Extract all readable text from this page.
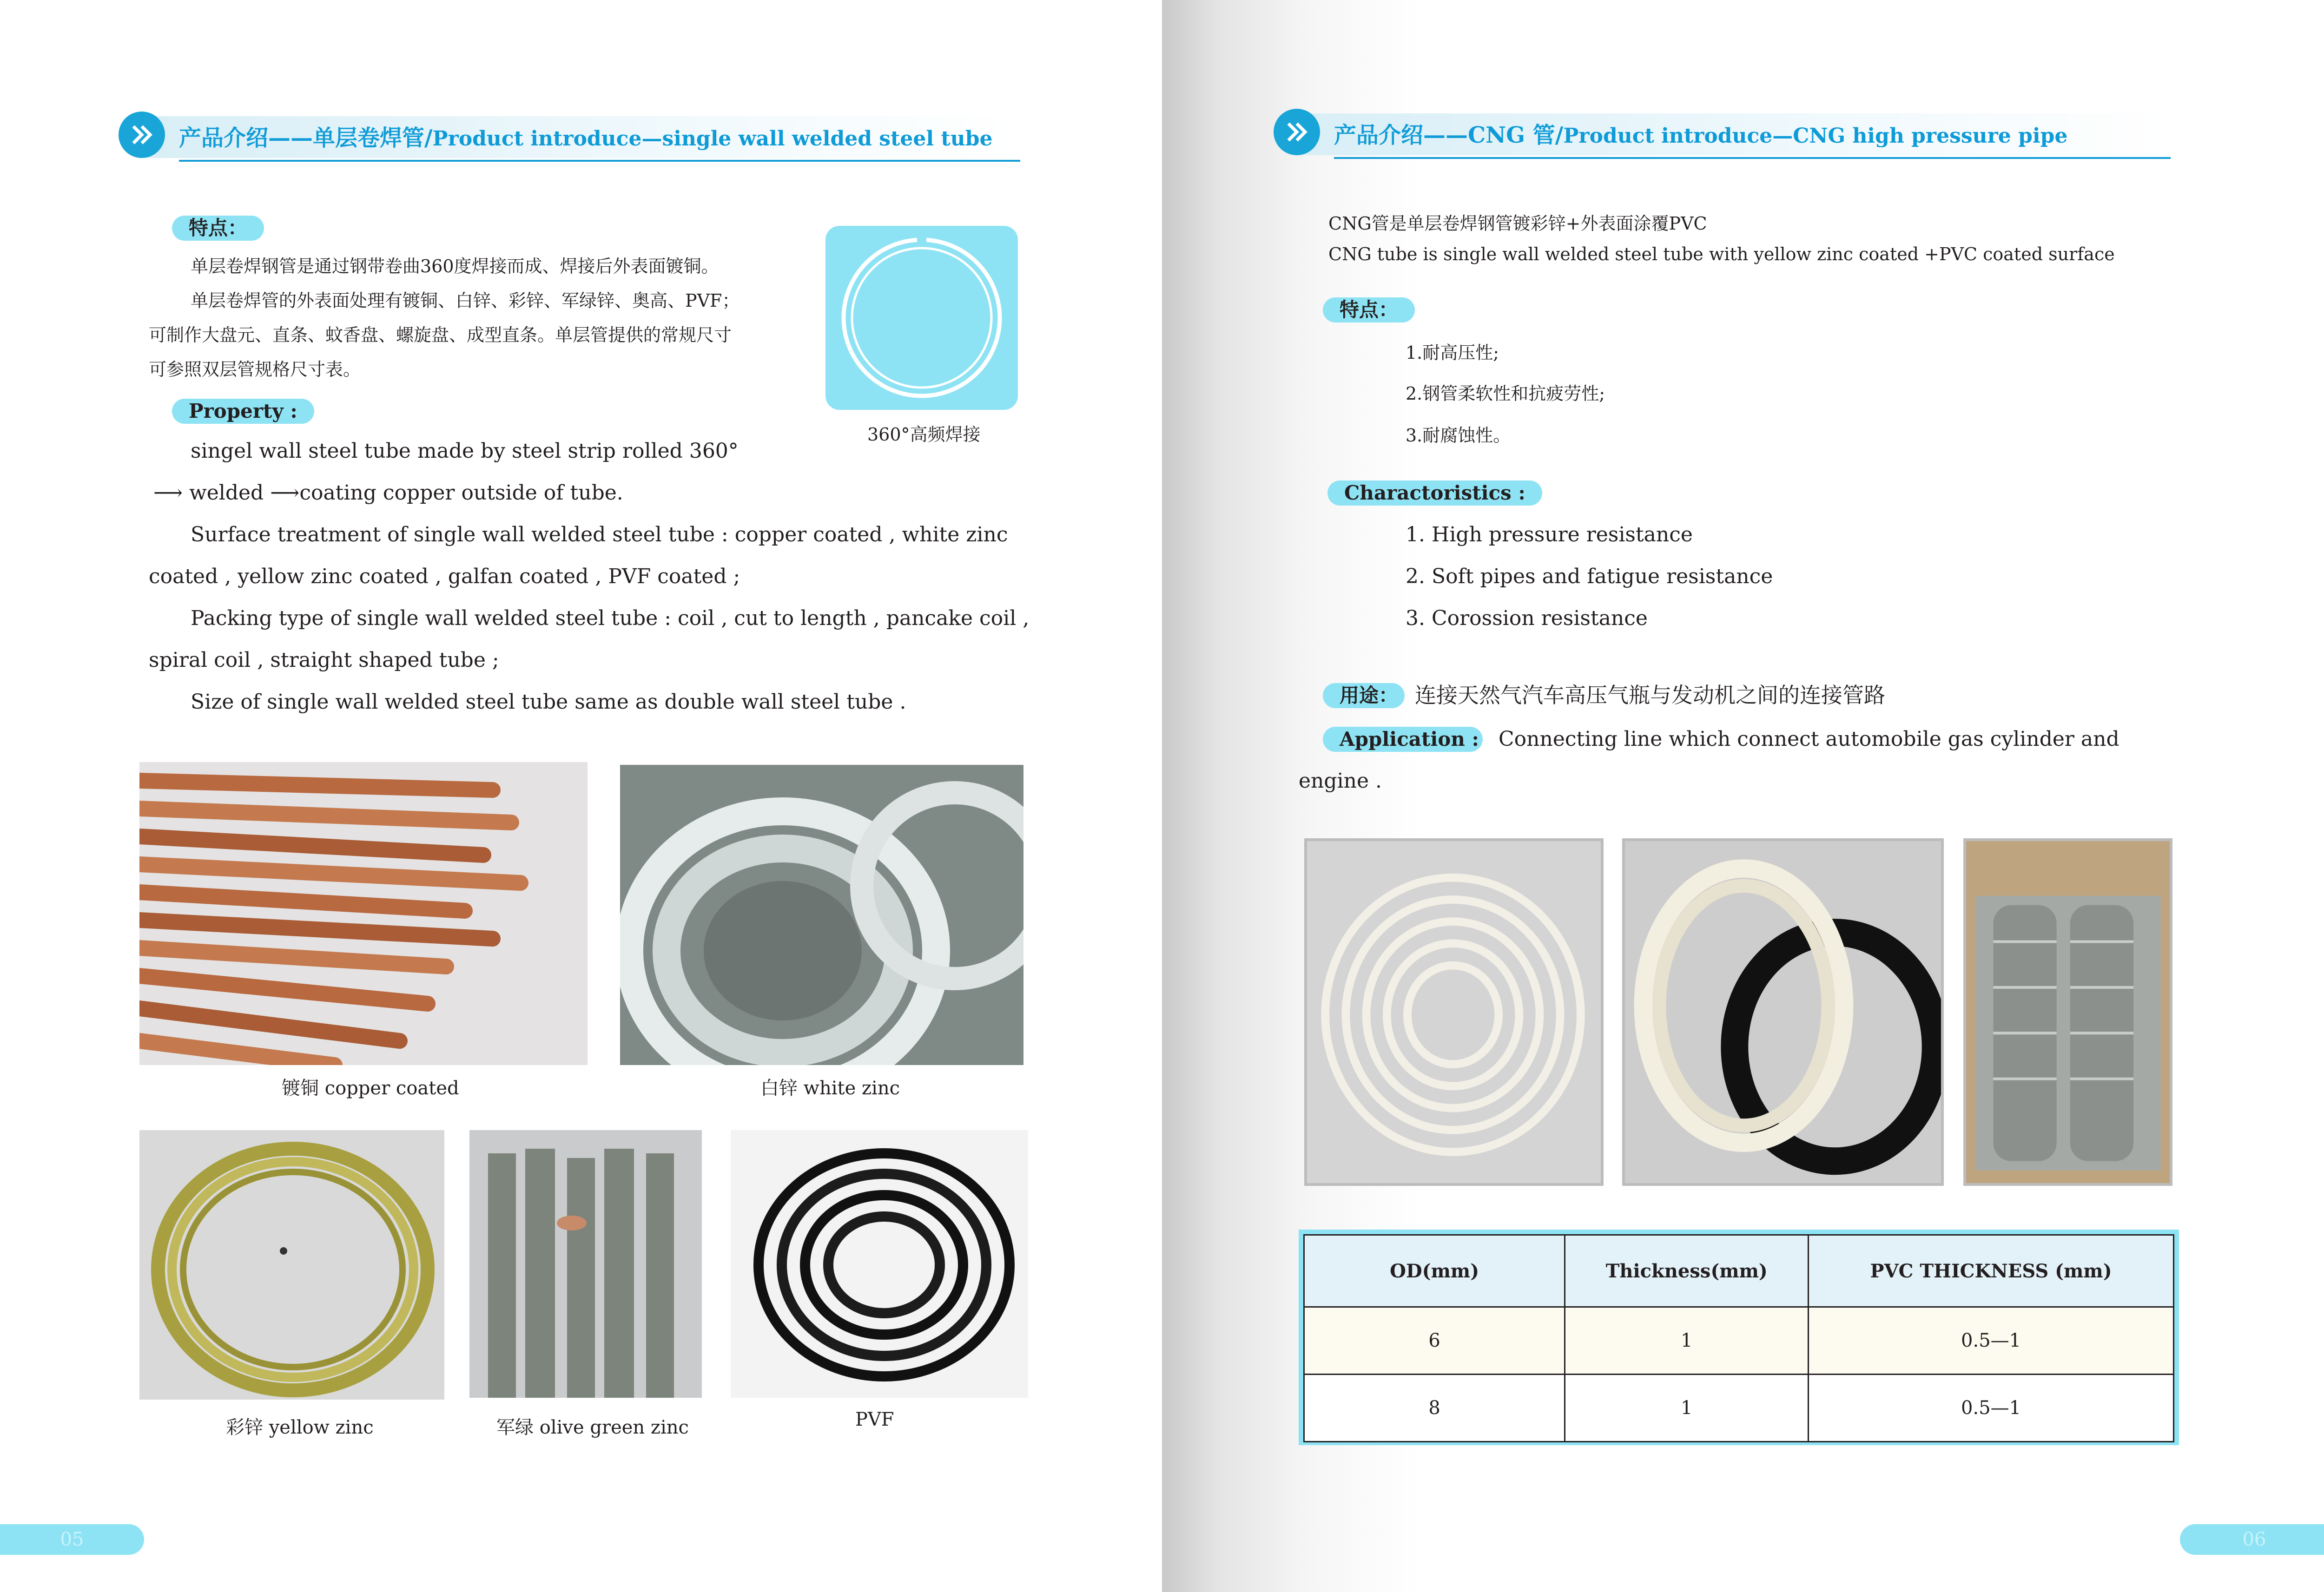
产品介绍——单层卷焊管/Product introduce—single wall welded steel tube
特点：
单层卷焊钢管是通过钢带卷曲360度焊接而成、焊接后外表面镀铜。
单层卷焊管的外表面处理有镀铜、白锌、彩锌、军绿锌、奥高、PVF；
可制作大盘元、直条、蚊香盘、螺旋盘、成型直条。单层管提供的常规尺寸
可参照双层管规格尺寸表。
360°高频焊接
Property :
singel wall steel tube made by steel strip rolled 360°
⟶ welded ⟶coating copper outside of tube.
Surface treatment of single wall welded steel tube : copper coated , white zinc
coated , yellow zinc coated , galfan coated , PVF coated ;
Packing type of single wall welded steel tube : coil , cut to length , pancake coil ,
spiral coil , straight shaped tube ;
Size of single wall welded steel tube same as double wall steel tube .
镀铜 copper coated	白锌 white zinc
彩锌 yellow zinc	军绿 olive green zinc	PVF
05
产品介绍——CNG 管/Product introduce—CNG high pressure pipe
CNG管是单层卷焊钢管镀彩锌+外表面涂覆PVC
CNG tube is single wall welded steel tube with yellow zinc coated +PVC coated surface
特点：
1.耐高压性;
2.钢管柔软性和抗疲劳性;
3.耐腐蚀性。
Charactoristics :
1. High pressure resistance
2. Soft pipes and fatigue resistance
3. Corossion resistance
用途： 连接天然气汽车高压气瓶与发动机之间的连接管路
Application : Connecting line which connect automobile gas cylinder and
engine .
OD(mm)	Thickness(mm)	PVC THICKNESS (mm)
6	1	0.5—1
8	1	0.5—1
06
